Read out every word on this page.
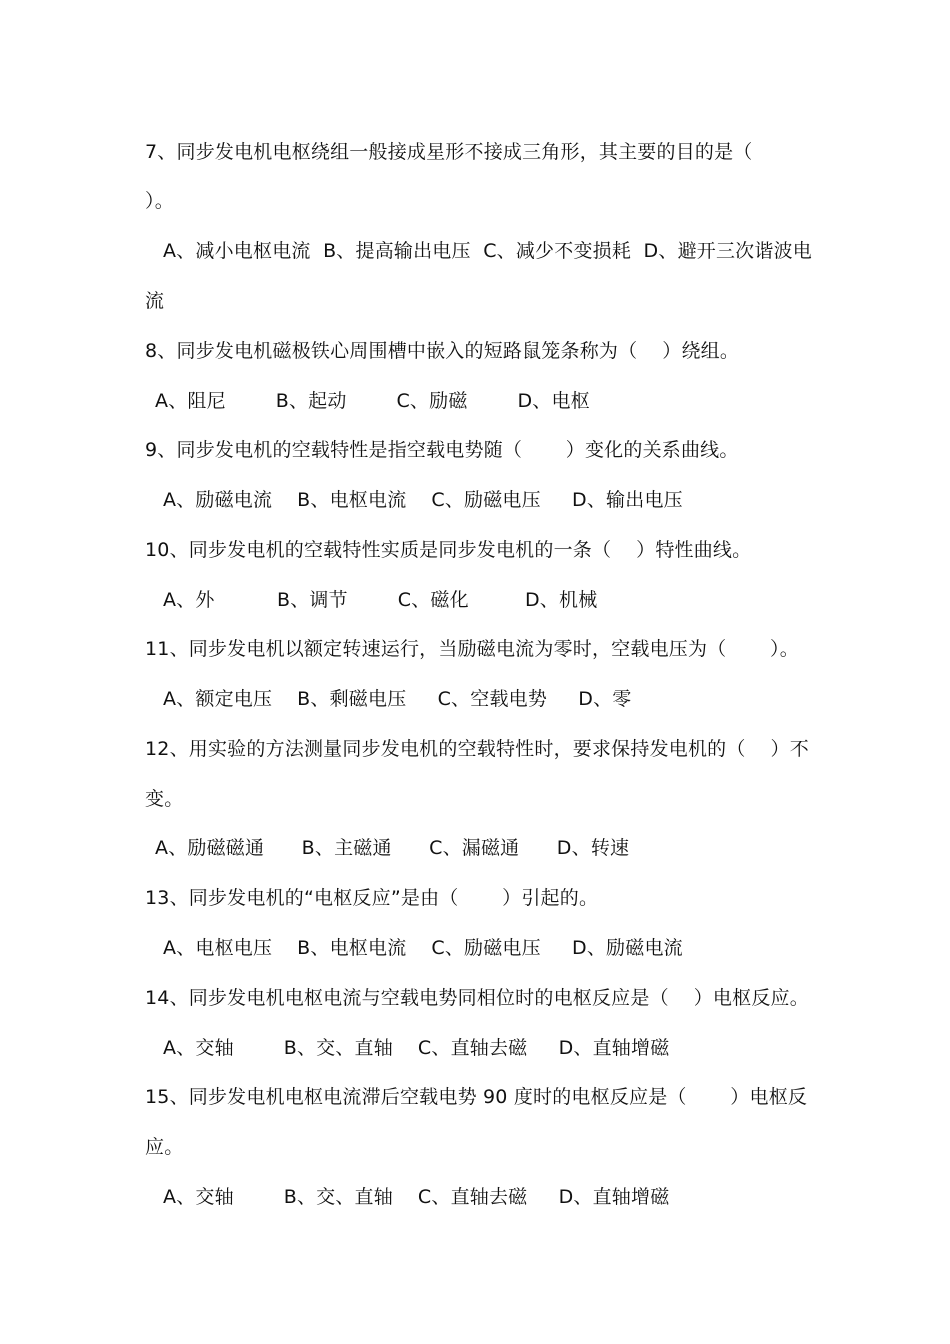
7、同步发电机电枢绕组一般接成星形不接成三角形，其主要的目的是（
）。
A、减小电枢电流  B、提高输出电压  C、减少不变损耗  D、避开三次谐波电
流
8、同步发电机磁极铁心周围槽中嵌入的短路鼠笼条称为（    ）绕组。
A、阻尼        B、起动        C、励磁        D、电枢
9、同步发电机的空载特性是指空载电势随（       ）变化的关系曲线。
A、励磁电流    B、电枢电流    C、励磁电压     D、输出电压
10、同步发电机的空载特性实质是同步发电机的一条（    ）特性曲线。
A、外          B、调节        C、磁化         D、机械
11、同步发电机以额定转速运行，当励磁电流为零时，空载电压为（       ）。
A、额定电压    B、剩磁电压     C、空载电势     D、零
12、用实验的方法测量同步发电机的空载特性时，要求保持发电机的（    ）不
变。
A、励磁磁通      B、主磁通      C、漏磁通      D、转速
13、同步发电机的“电枢反应”是由（       ）引起的。
A、电枢电压    B、电枢电流    C、励磁电压     D、励磁电流
14、同步发电机电枢电流与空载电势同相位时的电枢反应是（    ）电枢反应。
A、交轴        B、交、直轴    C、直轴去磁     D、直轴增磁
15、同步发电机电枢电流滞后空载电势 90 度时的电枢反应是（       ）电枢反
应。
A、交轴        B、交、直轴    C、直轴去磁     D、直轴增磁
